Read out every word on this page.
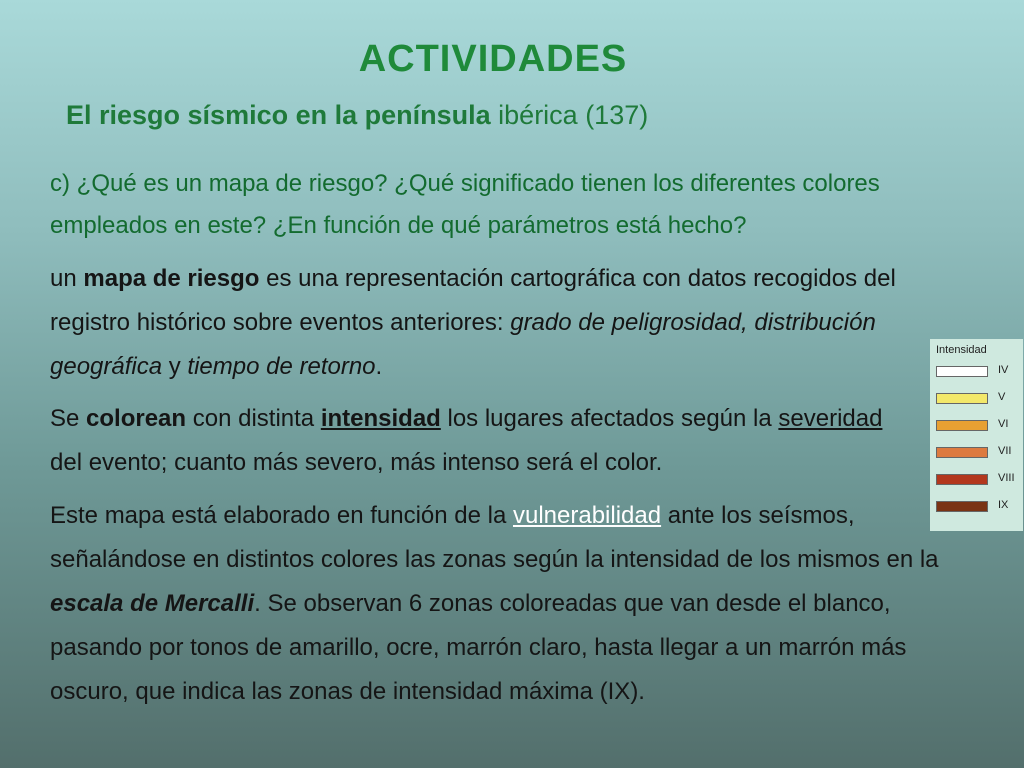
ACTIVIDADES
El riesgo sísmico en la península ibérica (137)
c) ¿Qué es un mapa de riesgo? ¿Qué significado tienen los diferentes colores empleados en este? ¿En función de qué parámetros está hecho?
un mapa de riesgo es una representación cartográfica con datos recogidos del registro histórico sobre eventos anteriores: grado de peligrosidad, distribución geográfica y tiempo de retorno.
Se colorean con distinta intensidad los lugares afectados según la severidad del evento; cuanto más severo, más intenso será el color.
Este mapa está elaborado en función de la vulnerabilidad ante los seísmos, señalándose en distintos colores las zonas según la intensidad de los mismos en la escala de Mercalli. Se observan 6 zonas coloreadas que van desde el blanco, pasando por tonos de amarillo, ocre, marrón claro, hasta llegar a un marrón más oscuro, que indica las zonas de intensidad máxima (IX).
Intensidad
IV
V
VI
VII
VIII
IX
